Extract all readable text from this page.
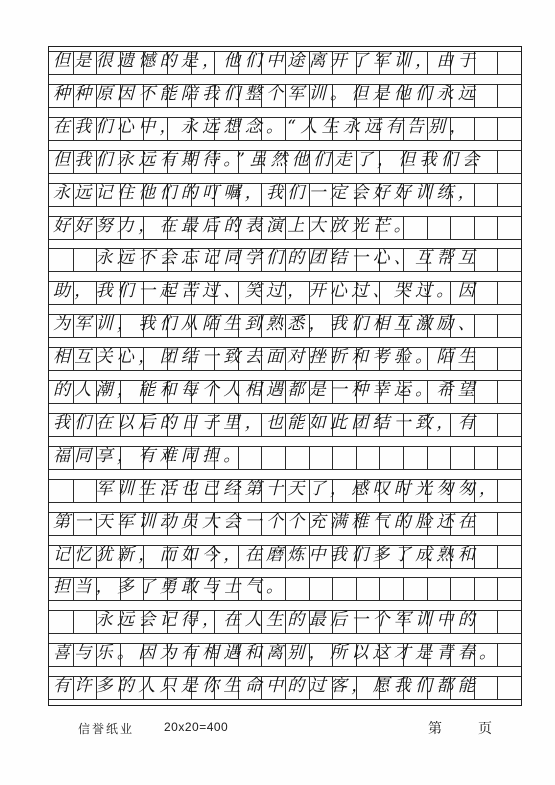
但是很遗憾的是，他们中途离开了军训，由于
种种原因不能陪我们整个军训。但是他们永远
在我们心中，永远想念。“人生永远有告别，
但我们永远有期待。”虽然他们走了，但我们会
永远记住他们的叮嘱，我们一定会好好训练，
好好努力，在最后的表演上大放光芒。
　　永远不会忘记同学们的团结一心、互帮互
助，我们一起苦过、笑过，开心过、哭过。因
为军训，我们从陌生到熟悉，我们相互激励、
相互关心，团结一致去面对挫折和考验。陌生
的人潮，能和每个人相遇都是一种幸运。希望
我们在以后的日子里，也能如此团结一致，有
福同享，有难同担。
　　军训生活也已经第十天了，感叹时光匆匆，
第一天军训动员大会一个个充满稚气的脸还在
记忆犹新，而如今，在磨炼中我们多了成熟和
担当，多了勇敢与士气。
　　永远会记得，在人生的最后一个军训中的
喜与乐。因为有相遇和离别，所以这才是青春。
有许多的人只是你生命中的过客，愿我们都能
信誉纸业 20x20=400	第	页
